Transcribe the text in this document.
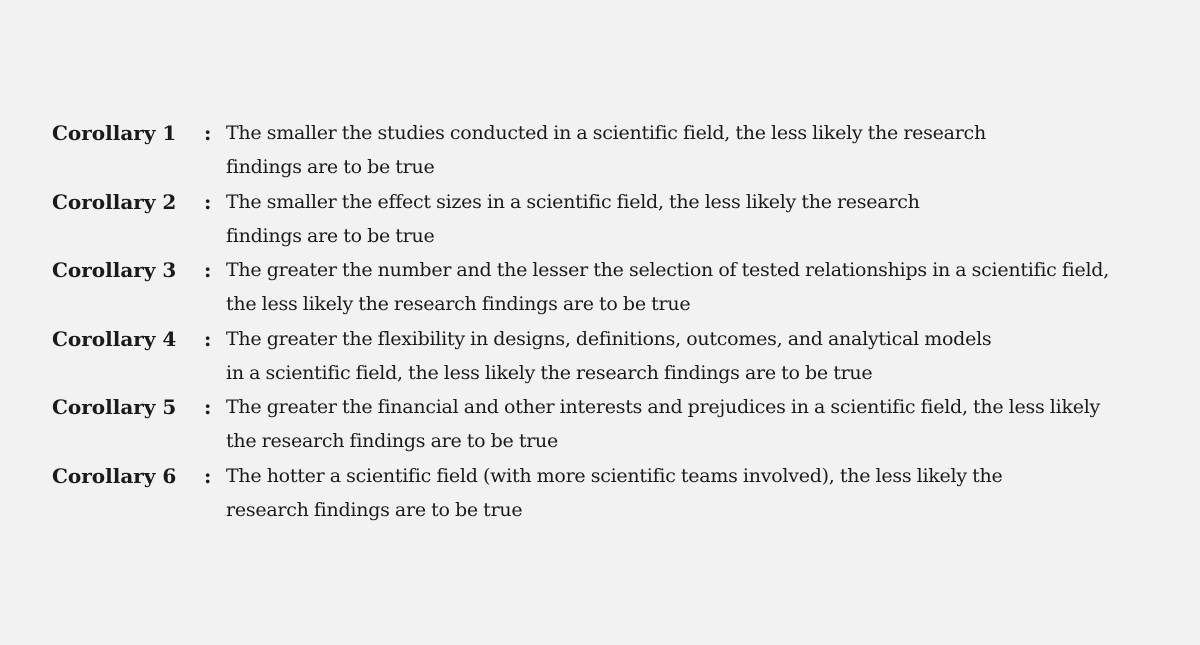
Corollary 1	: The smaller the studies conducted in a scientific field, the less likely the research
findings are to be true
Corollary 2	: The smaller the effect sizes in a scientific field, the less likely the research
findings are to be true
Corollary 3	: The greater the number and the lesser the selection of tested relationships in a scientific field,
the less likely the research findings are to be true
Corollary 4	: The greater the flexibility in designs, definitions, outcomes, and analytical models
in a scientific field, the less likely the research findings are to be true
Corollary 5	: The greater the financial and other interests and prejudices in a scientific field, the less likely
the research findings are to be true
Corollary 6	: The hotter a scientific field (with more scientific teams involved), the less likely the
research findings are to be true
